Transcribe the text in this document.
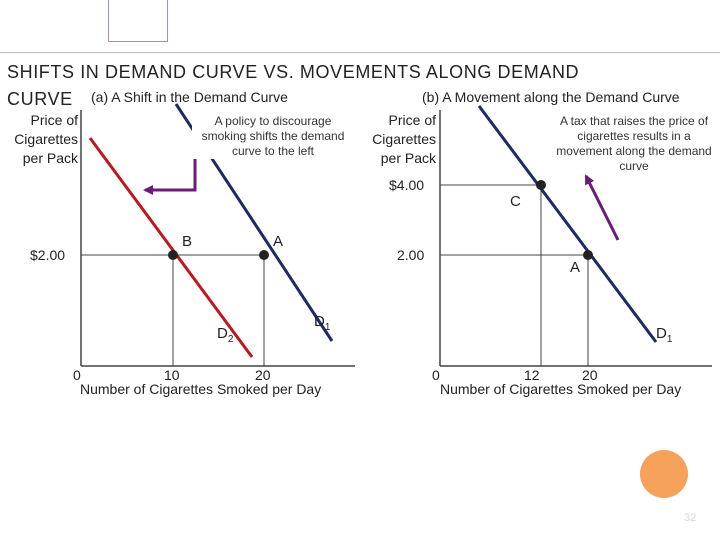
SHIFTS IN DEMAND CURVE VS. MOVEMENTS ALONG DEMAND
CURVE (a) A Shift in the Demand Curve	(b) A Movement along the Demand Curve
Price of Cigarettes per Pack
$2.00
0	10	20
Number of Cigarettes Smoked per Day
A policy to discourage smoking shifts the demand curve to the left
B	A
$D_2$
$D_1$
Price of Cigarettes per Pack
$4.00
2.00
0	12	20
Number of Cigarettes Smoked per Day
A tax that raises the price of cigarettes results in a movement along the demand curve
C
A
$D_1$
32
